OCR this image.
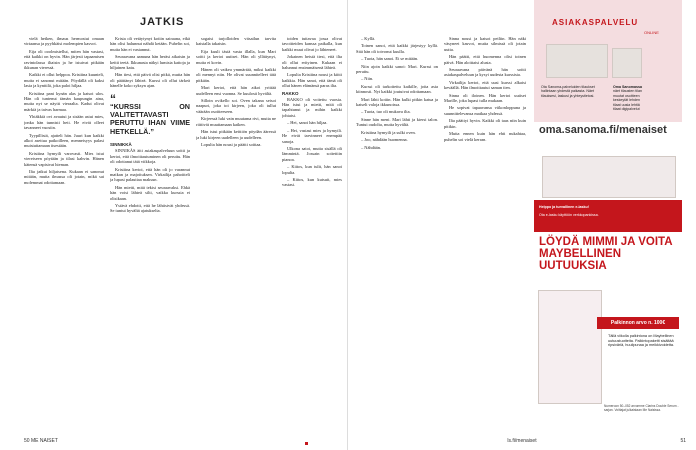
JATKIS

vielä hetken, ilmaus hermostui omaan virtaansa ja pyyhkäisi molempien kasvot.

Eija oli ooolmistellut, miten hän vastasi, että kaikki on hyvin. Hän järjesti tapaamisen ravintolassa iltaisin ja he istuivat pitkään ikkunan vieressä.

Kaikki ei ollut helppoa. Kristiina kuunteli, mutta ei sanonut mitään. Pöydällä oli kaksi lasia ja kynttilä, joka paloi hiljaa.

Kristiina pani kynän alas ja katsoi ulos. Hän oli tuntenut tämän kaupungin aina, mutta nyt se näytti vieraalta. Kadut olivat märkiä ja taivas harmaa.

Yhtäkkiä ovi avautui ja sisään astui mies, jonka hän tunnisti heti. He eivät olleet tavanneet vuosiin.

Tyypillistä, ajatteli hän. Juuri kun kaikki alkoi asettua paikoilleen, menneisyys palasi muistuttamaan itsestään.

Kristiina hymyili varovasti. Mies istui viereiseen pöytään ja tilasi kahvin. Hänen kätensä vapisivat hieman.

Ilta jatkui hiljaisena. Kukaan ei sanonut mitään, mutta ilmassa oli jotain, mikä sai molemmat odottamaan.

Krista oli vetäytynyt kotiin sairaana, eikä hän olisi halunnut nähdä ketään. Puhelin soi, mutta hän ei vastannut.

Seuraavana aamuna hän heräsi aikaisin ja keitti teetä. Ikkunasta näkyi lumisia kattoja ja hiljainen katu.

Hän tiesi, että päivä olisi pitkä, mutta hän oli päättänyt lähteä. Kurssi oli ollut tärkeä hänelle koko syksyn ajan.

“
“KURSSI ON VALITETTAVASTI PERUTTU IHAN VIIME HETKELLÄ.”
SINNIKKÄ

SINNIKÄS äiti asiakaspalveluun soitti ja kertoi, että ilmoittautuminen oli peruttu. Hän oli odottanut tätä viikkoja.

Kristiina kertoi, että hän oli jo varannut matkan ja majoituksen. Virkailija pahoitteli ja lupasi palauttaa maksun.

Hän mietti, mitä tekisi seuraavaksi. Ehkä hän voisi lähteä silti, vaikka kurssia ei olisikaan.

Ystävä ehdotti, että he lähtisivät yhdessä. Se tuntui hyvältä ajatukselta.

sogaisi tarjolloiden vitsailun tarvita kaistalla takaisin.

Eija kuuli tästä vasta illalla, kun Mari soitti ja kertoi uutiset. Hän oli yllättynyt, mutta ei kovin.

Hänen oli vaikea ymmärtää, miksi kaikki oli mennyt niin. He olivat suunnitelleet tätä pitkään.

Mari kertoi, että hän aikoi yrittää uudelleen ensi vuonna. Se kuulosti hyvältä.

Silloin ovikello soi. Oven takana seisoi naapuri, joka toi kirjeen, joka oli tullut väärään osoitteeseen.

Kirjeessä luki vain muutama rivi, mutta ne riittivät muuttamaan kaiken.

Hän istui pitkään keittiön pöydän ääressä ja luki kirjeen uudelleen ja uudelleen.

Lopulta hän nousi ja päätti soittaa.

toiden tuttavaa jossa olivat tavoitteiden kanssa paikalla, kun kaikki muut olivat jo lähteneet.

Jokainen heistä tiesi, että ilta oli ollut erityinen. Kukaan ei halunnut ensimmäisenä lähteä.

Lopulta Kristiina nousi ja kiitti kaikkia. Hän sanoi, että tämä oli ollut hänen elämänsä paras ilta.

RAKKO

RAKKO oli voitettu vuosia. Hän istui ja mietti, mitä oli tapahtunut ja mihin kaikki johtaisi.

– Hei, sanoi hän hiljaa.

– Hei, vastasi mies ja hymyili. He eivät tarvinneet enempää sanoja.

Ulkona satoi, mutta sisällä oli lämmintä. Jossain soitettiin pianoa.

– Kiitos, kun tulit, hän sanoi lopulta.

– Kiitos, kun kutsuit, mies vastasi.

50 ME NAISET

– Kyllä.

Toinen sanoi, että kaikki järjestyy kyllä. Sitä hän oli toivonut kuulla.

– Tuota, hän sanoi. Ei se mitään.

Niin ajoin kaikki sanoi: Mari. Kurssi on peruttu.

– Niin.

Kurssi oli tarkoitettu kaikille, joita asia kiinnosti. Nyt kaikki joutuivat odottamaan.

Mari lähti kotiin. Hän kulki pitkin katua ja katseli valoja ikkunoissa.

– Tuota, tuo oli mukava ilta.

Sinne hän meni. Mari lähti ja kiersi talon. Tuntui oudolta, mutta hyvältä.

Kristiina hymyili ja sulki oven.

– Joo, nähdään huomenna.

– Nähdään.

Sinna nousi ja katsoi peiliin. Hän näki väsyneet kasvot, mutta silmissä oli jotain uutta.

Hän päätti, että huomenna olisi toinen päivä. Hän aloittaisi alusta.

Seuraavana päivänä hän soitti asiakaspalveluun ja kysyi uudesta kurssista.

Virkailija kertoi, että uusi kurssi alkaisi keväällä. Hän ilmoittautui saman tien.

Sinna oli iloinen. Hän kertoi uutiset Marille, joka lupasi tulla mukaan.

He sopivat tapaavansa viikonloppuna ja suunnittelevansa matkaa yhdessä.

Ilta päättyi hyvin. Kaikki oli taas niin kuin pitikin.

Mutta ennen kuin hän ehti nukahtaa, puhelin soi vielä kerran.

ls.fi/menaiset	51
ASIAKASPALVELU
ONLINE
Ota Sanoma-palveluiden tilaukset hallintaan yhdestä paikasta. Näet tilauksesi, laskusi ja yhteystietosi.
Oma Sanomassa
näet tilausten tilan
muutat osoitteen
keskeytät lehden
tilaat uusia lehtiä
tilaat digipalvelut
oma.sanoma.fi/menaiset
Helppo ja turvallinen e-lasku!
Ota e-lasku käyttöön verkkopankissa.
LÖYDÄ MIMMI JA VOITA MAYBELLINEN UUTUUKSIA
Palkinnon arvo n. 100€
Tällä viikolla palkintona on Maybellinen uutuustuotteita. Palkintopaketti sisältää ripsiväriä, huulipunaa ja meikkivoidetta.
Numeroon 50–052 arvomme Clarins Double Serum -sarjan. Voittajat julkaistaan Me Naisissa.
